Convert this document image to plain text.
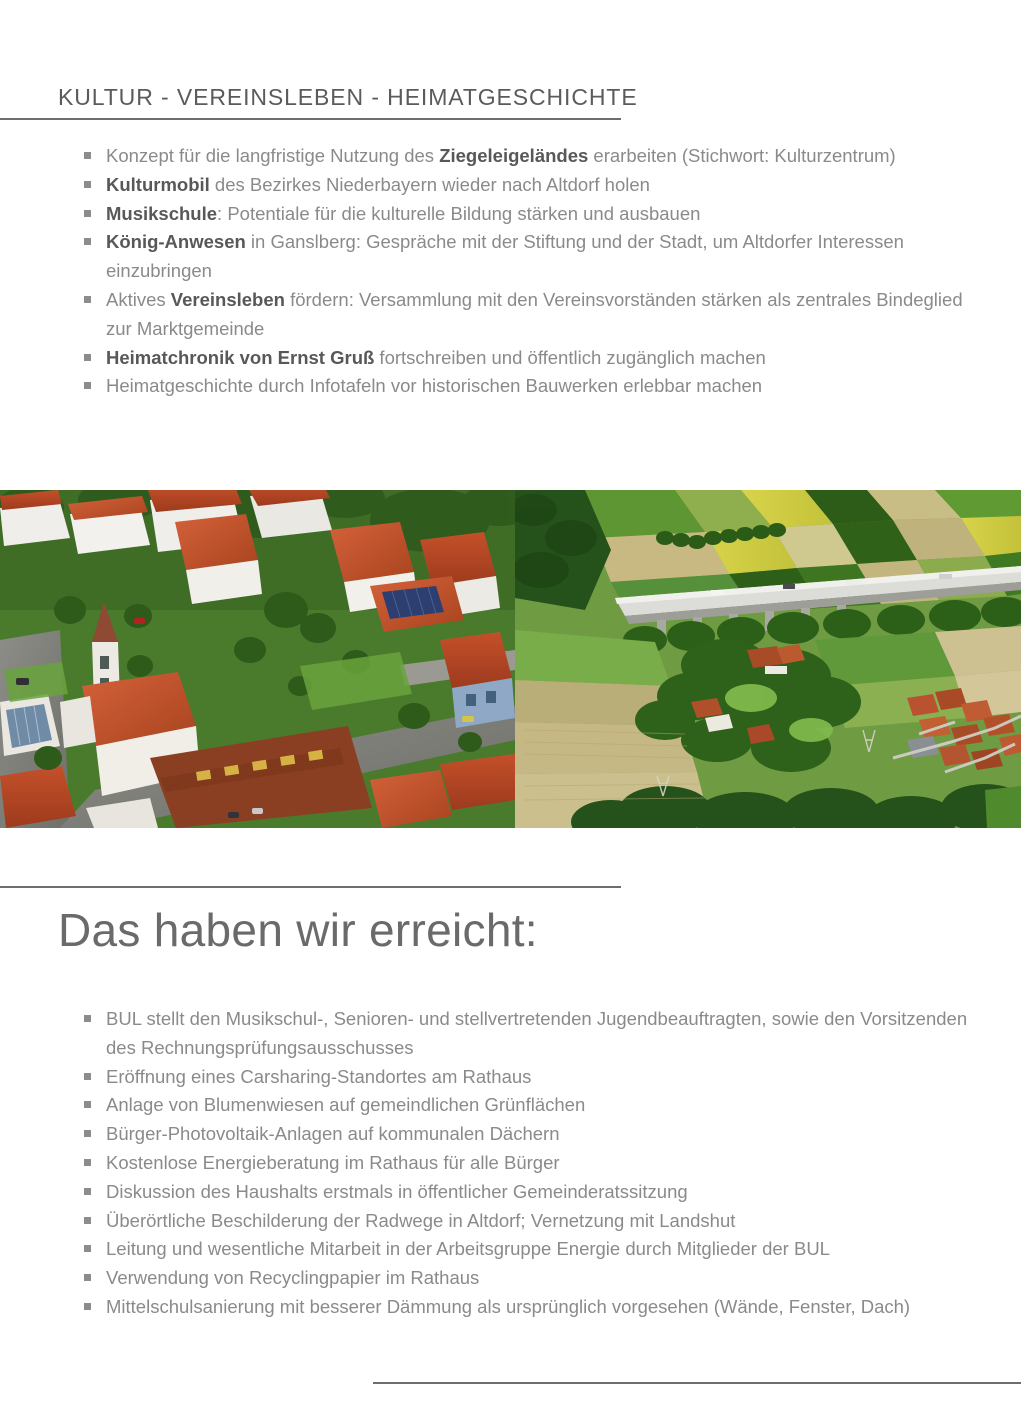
KULTUR - VEREINSLEBEN - HEIMATGESCHICHTE
Konzept für die langfristige Nutzung des Ziegeleigeländes erarbeiten (Stichwort: Kulturzentrum)
Kulturmobil des Bezirkes Niederbayern wieder nach Altdorf holen
Musikschule: Potentiale für die kulturelle Bildung stärken und ausbauen
König-Anwesen in Ganslberg: Gespräche mit der Stiftung und der Stadt, um Altdorfer Interessen einzubringen
Aktives Vereinsleben fördern: Versammlung mit den Vereinsvorständen stärken als zentrales Bindeglied zur Marktgemeinde
Heimatchronik von Ernst Gruß fortschreiben und öffentlich zugänglich machen
Heimatgeschichte durch Infotafeln vor historischen Bauwerken erlebbar machen
Das haben wir erreicht:
BUL stellt den Musikschul-, Senioren- und stellvertretenden Jugendbeauftragten, sowie den Vorsitzenden des Rechnungsprüfungsausschusses
Eröffnung eines Carsharing-Standortes am Rathaus
Anlage von Blumenwiesen auf gemeindlichen Grünflächen
Bürger-Photovoltaik-Anlagen auf kommunalen Dächern
Kostenlose Energieberatung im Rathaus für alle Bürger
Diskussion des Haushalts erstmals in öffentlicher Gemeinderatssitzung
Überörtliche Beschilderung der Radwege in Altdorf; Vernetzung mit Landshut
Leitung und wesentliche Mitarbeit in der Arbeitsgruppe Energie durch Mitglieder der BUL
Verwendung von Recyclingpapier im Rathaus
Mittelschulsanierung mit besserer Dämmung als ursprünglich vorgesehen (Wände, Fenster, Dach)
